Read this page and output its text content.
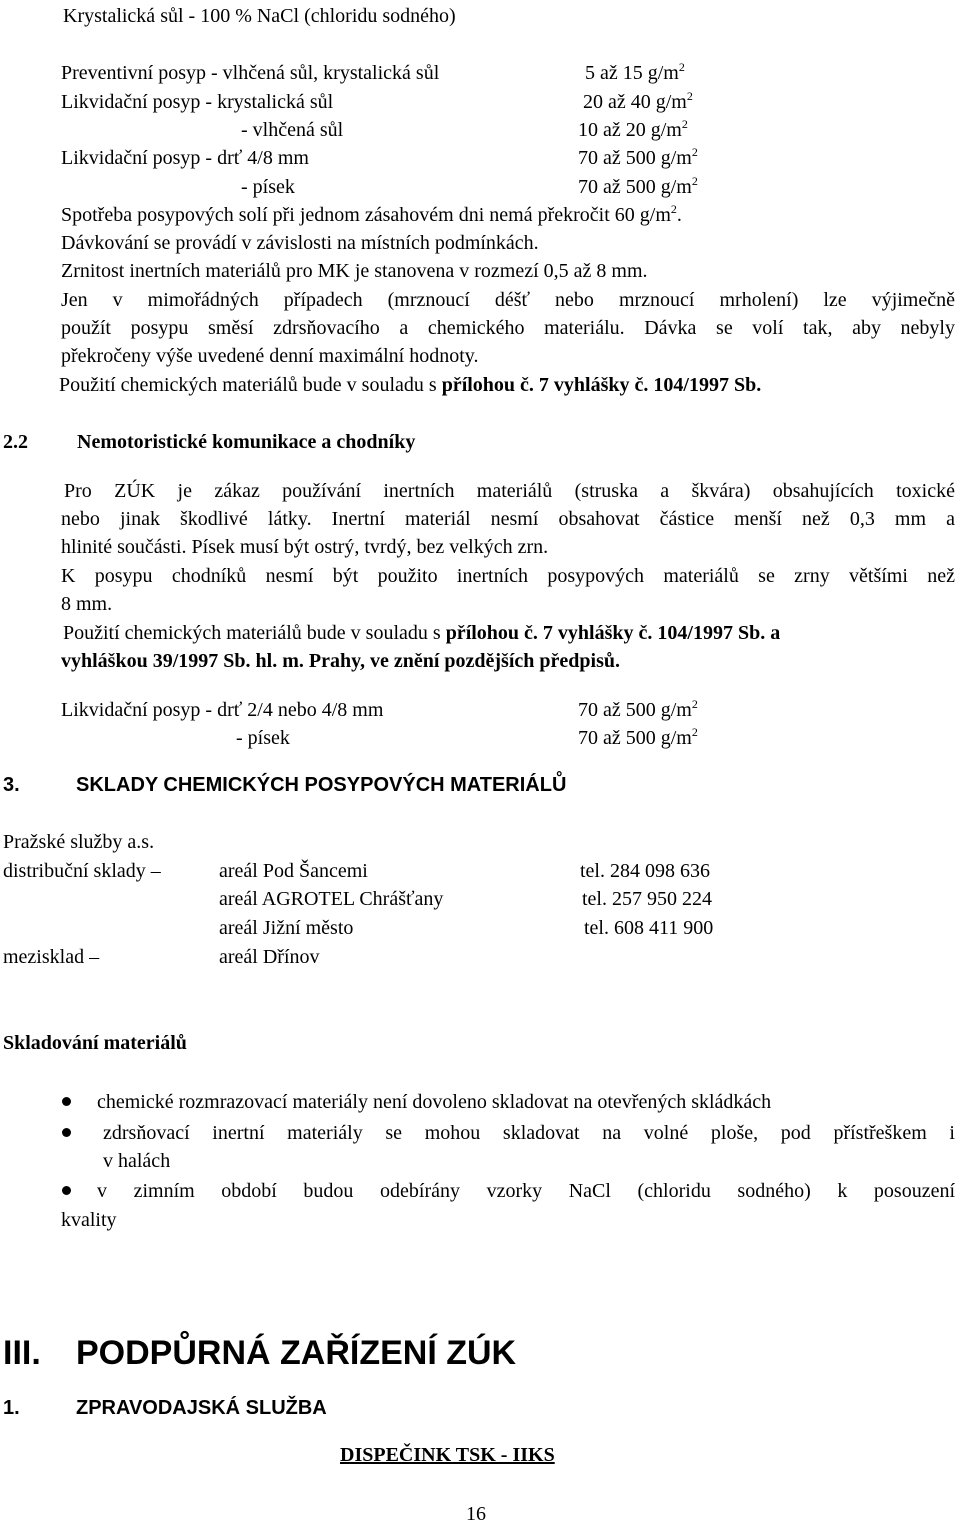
Krystalická sůl - 100 % NaCl (chloridu sodného)
Preventivní posyp - vlhčená sůl, krystalická sůl	5 až 15 $g/m^2$
Likvidační posyp - krystalická sůl	20 až 40 $g/m^2$
- vlhčená sůl	10 až 20 $g/m^2$
Likvidační posyp - drť 4/8 mm	70 až 500 $g/m^2$
- písek	70 až 500 $g/m^2$
Spotřeba posypových solí při jednom zásahovém dni nemá překročit 60 $g/m^2$.
Dávkování se provádí v závislosti na místních podmínkách.
Zrnitost inertních materiálů pro MK je stanovena v rozmezí 0,5 až 8 mm.
Jen v mimořádných případech (mrznoucí déšť nebo mrznoucí mrholení) lze výjimečně
použít posypu směsí zdrsňovacího a chemického materiálu. Dávka se volí tak, aby nebyly
překročeny výše uvedené denní maximální hodnoty.
Použití chemických materiálů bude v souladu s přílohou č. 7 vyhlášky č. 104/1997 Sb.
2.2 Nemotoristické komunikace a chodníky
Pro ZÚK je zákaz používání inertních materiálů (struska a škvára) obsahujících toxické
nebo jinak škodlivé látky. Inertní materiál nesmí obsahovat částice menší než 0,3 mm a
hlinité součásti. Písek musí být ostrý, tvrdý, bez velkých zrn.
K posypu chodníků nesmí být použito inertních posypových materiálů se zrny většími než
8 mm.
Použití chemických materiálů bude v souladu s přílohou č. 7 vyhlášky č. 104/1997 Sb. a
vyhláškou 39/1997 Sb. hl. m. Prahy, ve znění pozdějších předpisů.
Likvidační posyp - drť 2/4 nebo 4/8 mm	70 až 500 $g/m^2$
- písek	70 až 500 $g/m^2$
3.	SKLADY CHEMICKÝCH POSYPOVÝCH MATERIÁLŮ
Pražské služby a.s.
distribuční sklady –	areál Pod Šancemi	tel. 284 098 636
areál AGROTEL Chrášťany	tel. 257 950 224
areál Jižní město	tel. 608 411 900
mezisklad –	areál Dřínov
Skladování materiálů
chemické rozmrazovací materiály není dovoleno skladovat na otevřených skládkách
zdrsňovací inertní materiály se mohou skladovat na volné ploše, pod přístřeškem i
v halách
v zimním období budou odebírány vzorky NaCl (chloridu sodného) k posouzení
kvality
III. PODPŮRNÁ ZAŘÍZENÍ ZÚK
1.	ZPRAVODAJSKÁ SLUŽBA
DISPEČINK TSK - IIKS
16
